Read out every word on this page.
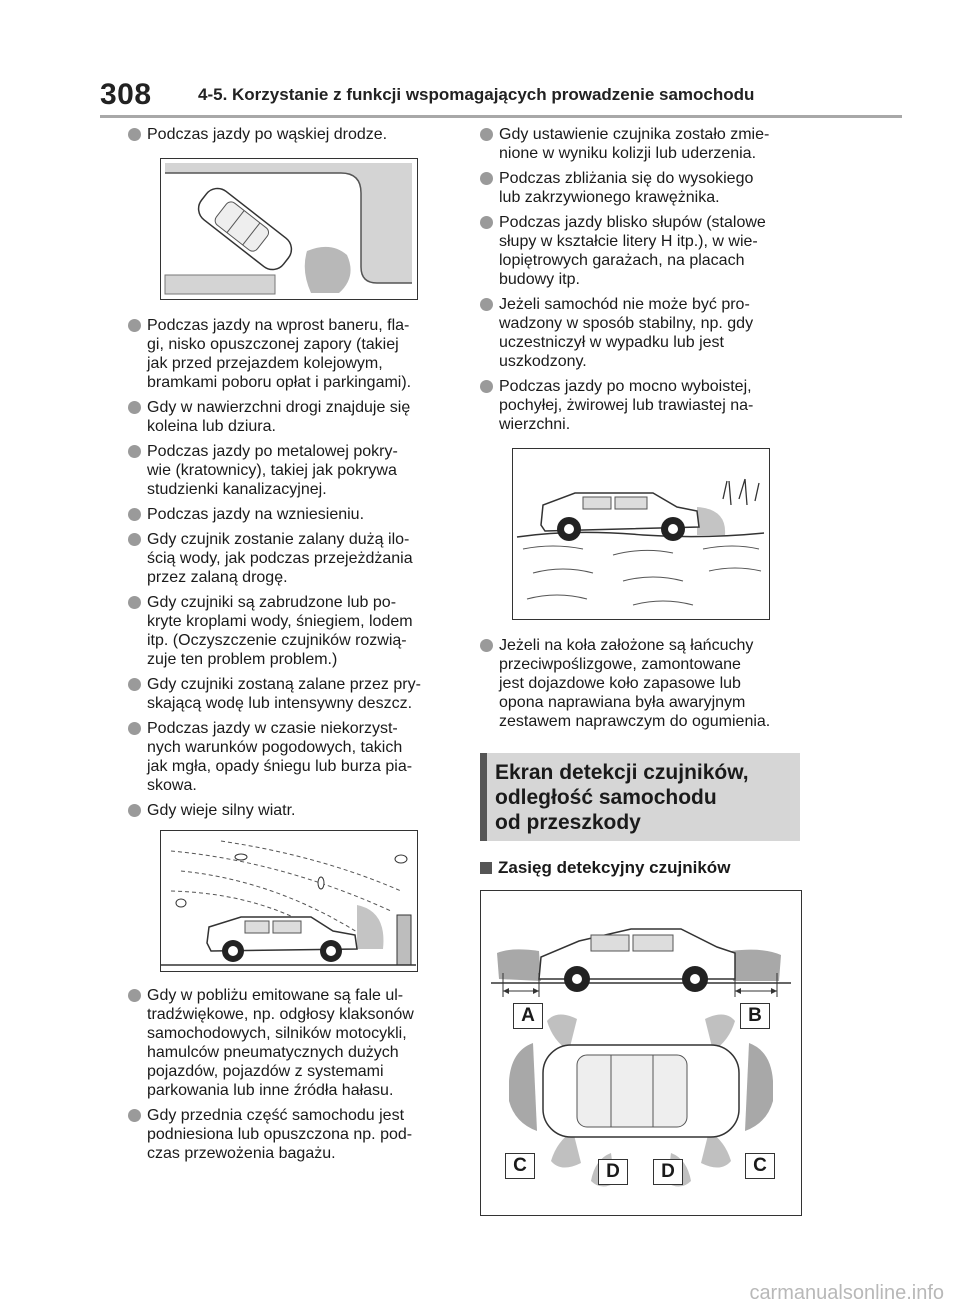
308	4-5. Korzystanie z funkcji wspomagających prowadzenie samochodu
Podczas jazdy po wąskiej drodze.
Podczas jazdy na wprost baneru, fla-
gi, nisko opuszczonej zapory (takiej
jak przed przejazdem kolejowym,
bramkami poboru opłat i parkingami).
Gdy w nawierzchni drogi znajduje się
koleina lub dziura.
Podczas jazdy po metalowej pokry-
wie (kratownicy), takiej jak pokrywa
studzienki kanalizacyjnej.
Podczas jazdy na wzniesieniu.
Gdy czujnik zostanie zalany dużą ilo-
ścią wody, jak podczas przejeżdżania
przez zalaną drogę.
Gdy czujniki są zabrudzone lub po-
kryte kroplami wody, śniegiem, lodem
itp. (Oczyszczenie czujników rozwią-
zuje ten problem problem.)
Gdy czujniki zostaną zalane przez pry-
skającą wodę lub intensywny deszcz.
Podczas jazdy w czasie niekorzyst-
nych warunków pogodowych, takich
jak mgła, opady śniegu lub burza pia-
skowa.
Gdy wieje silny wiatr.
Gdy w pobliżu emitowane są fale ul-
tradźwiękowe, np. odgłosy klaksonów
samochodowych, silników motocykli,
hamulców pneumatycznych dużych
pojazdów, pojazdów z systemami
parkowania lub inne źródła hałasu.
Gdy przednia część samochodu jest
podniesiona lub opuszczona np. pod-
czas przewożenia bagażu.
Gdy ustawienie czujnika zostało zmie-
nione w wyniku kolizji lub uderzenia.
Podczas zbliżania się do wysokiego
lub zakrzywionego krawężnika.
Podczas jazdy blisko słupów (stalowe
słupy w kształcie litery H itp.), w wie-
lopiętrowych garażach, na placach
budowy itp.
Jeżeli samochód nie może być pro-
wadzony w sposób stabilny, np. gdy
uczestniczył w wypadku lub jest
uszkodzony.
Podczas jazdy po mocno wyboistej,
pochyłej, żwirowej lub trawiastej na-
wierzchni.
Jeżeli na koła założone są łańcuchy
przeciwpoślizgowe, zamontowane
jest dojazdowe koło zapasowe lub
opona naprawiana była awaryjnym
zestawem naprawczym do ogumienia.
Ekran detekcji czujników,
odległość samochodu
od przeszkody
Zasięg detekcyjny czujników
A	B
C	D	D	C
carmanualsonline.info
